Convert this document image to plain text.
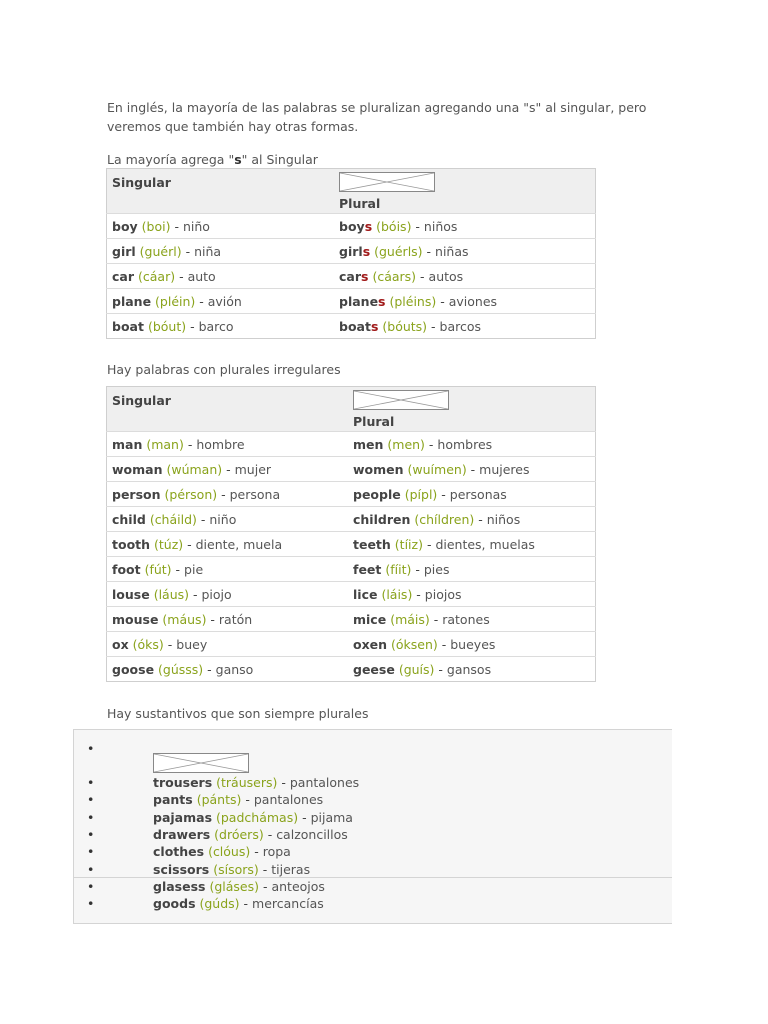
En inglés, la mayoría de las palabras se pluralizan agregando una "s" al singular, pero veremos que también hay otras formas.
La mayoría agrega "s" al Singular
Singular	Plural

boy (boi) - niño	boys (bóis) - niños
girl (guérl) - niña	girls (guérls) - niñas
car (cáar) - auto	cars (cáars) - autos
plane (pléin) - avión	planes (pléins) - aviones
boat (bóut) - barco	boats (bóuts) - barcos
Hay palabras con plurales irregulares
Singular	Plural

man (man) - hombre	men (men) - hombres
woman (wúman) - mujer	women (wuímen) - mujeres
person (pérson) - persona	people (pípl) - personas
child (cháild) - niño	children (chíldren) - niños
tooth (túz) - diente, muela	teeth (tíiz) - dientes, muelas
foot (fút) - pie	feet (fíit) - pies
louse (láus) - piojo	lice (láis) - piojos
mouse (máus) - ratón	mice (máis) - ratones
ox (óks) - buey	oxen (óksen) - bueyes
goose (gússs) - ganso	geese (guís) - gansos
Hay sustantivos que son siempre plurales
•
•	trousers (tráusers) - pantalones
•	pants (pánts) - pantalones
•	pajamas (padchámas) - pijama
•	drawers (dróers) - calzoncillos
•	clothes (clóus) - ropa
•	scissors (sísors) - tijeras
•	glasess (gláses) - anteojos
•	goods (gúds) - mercancías
